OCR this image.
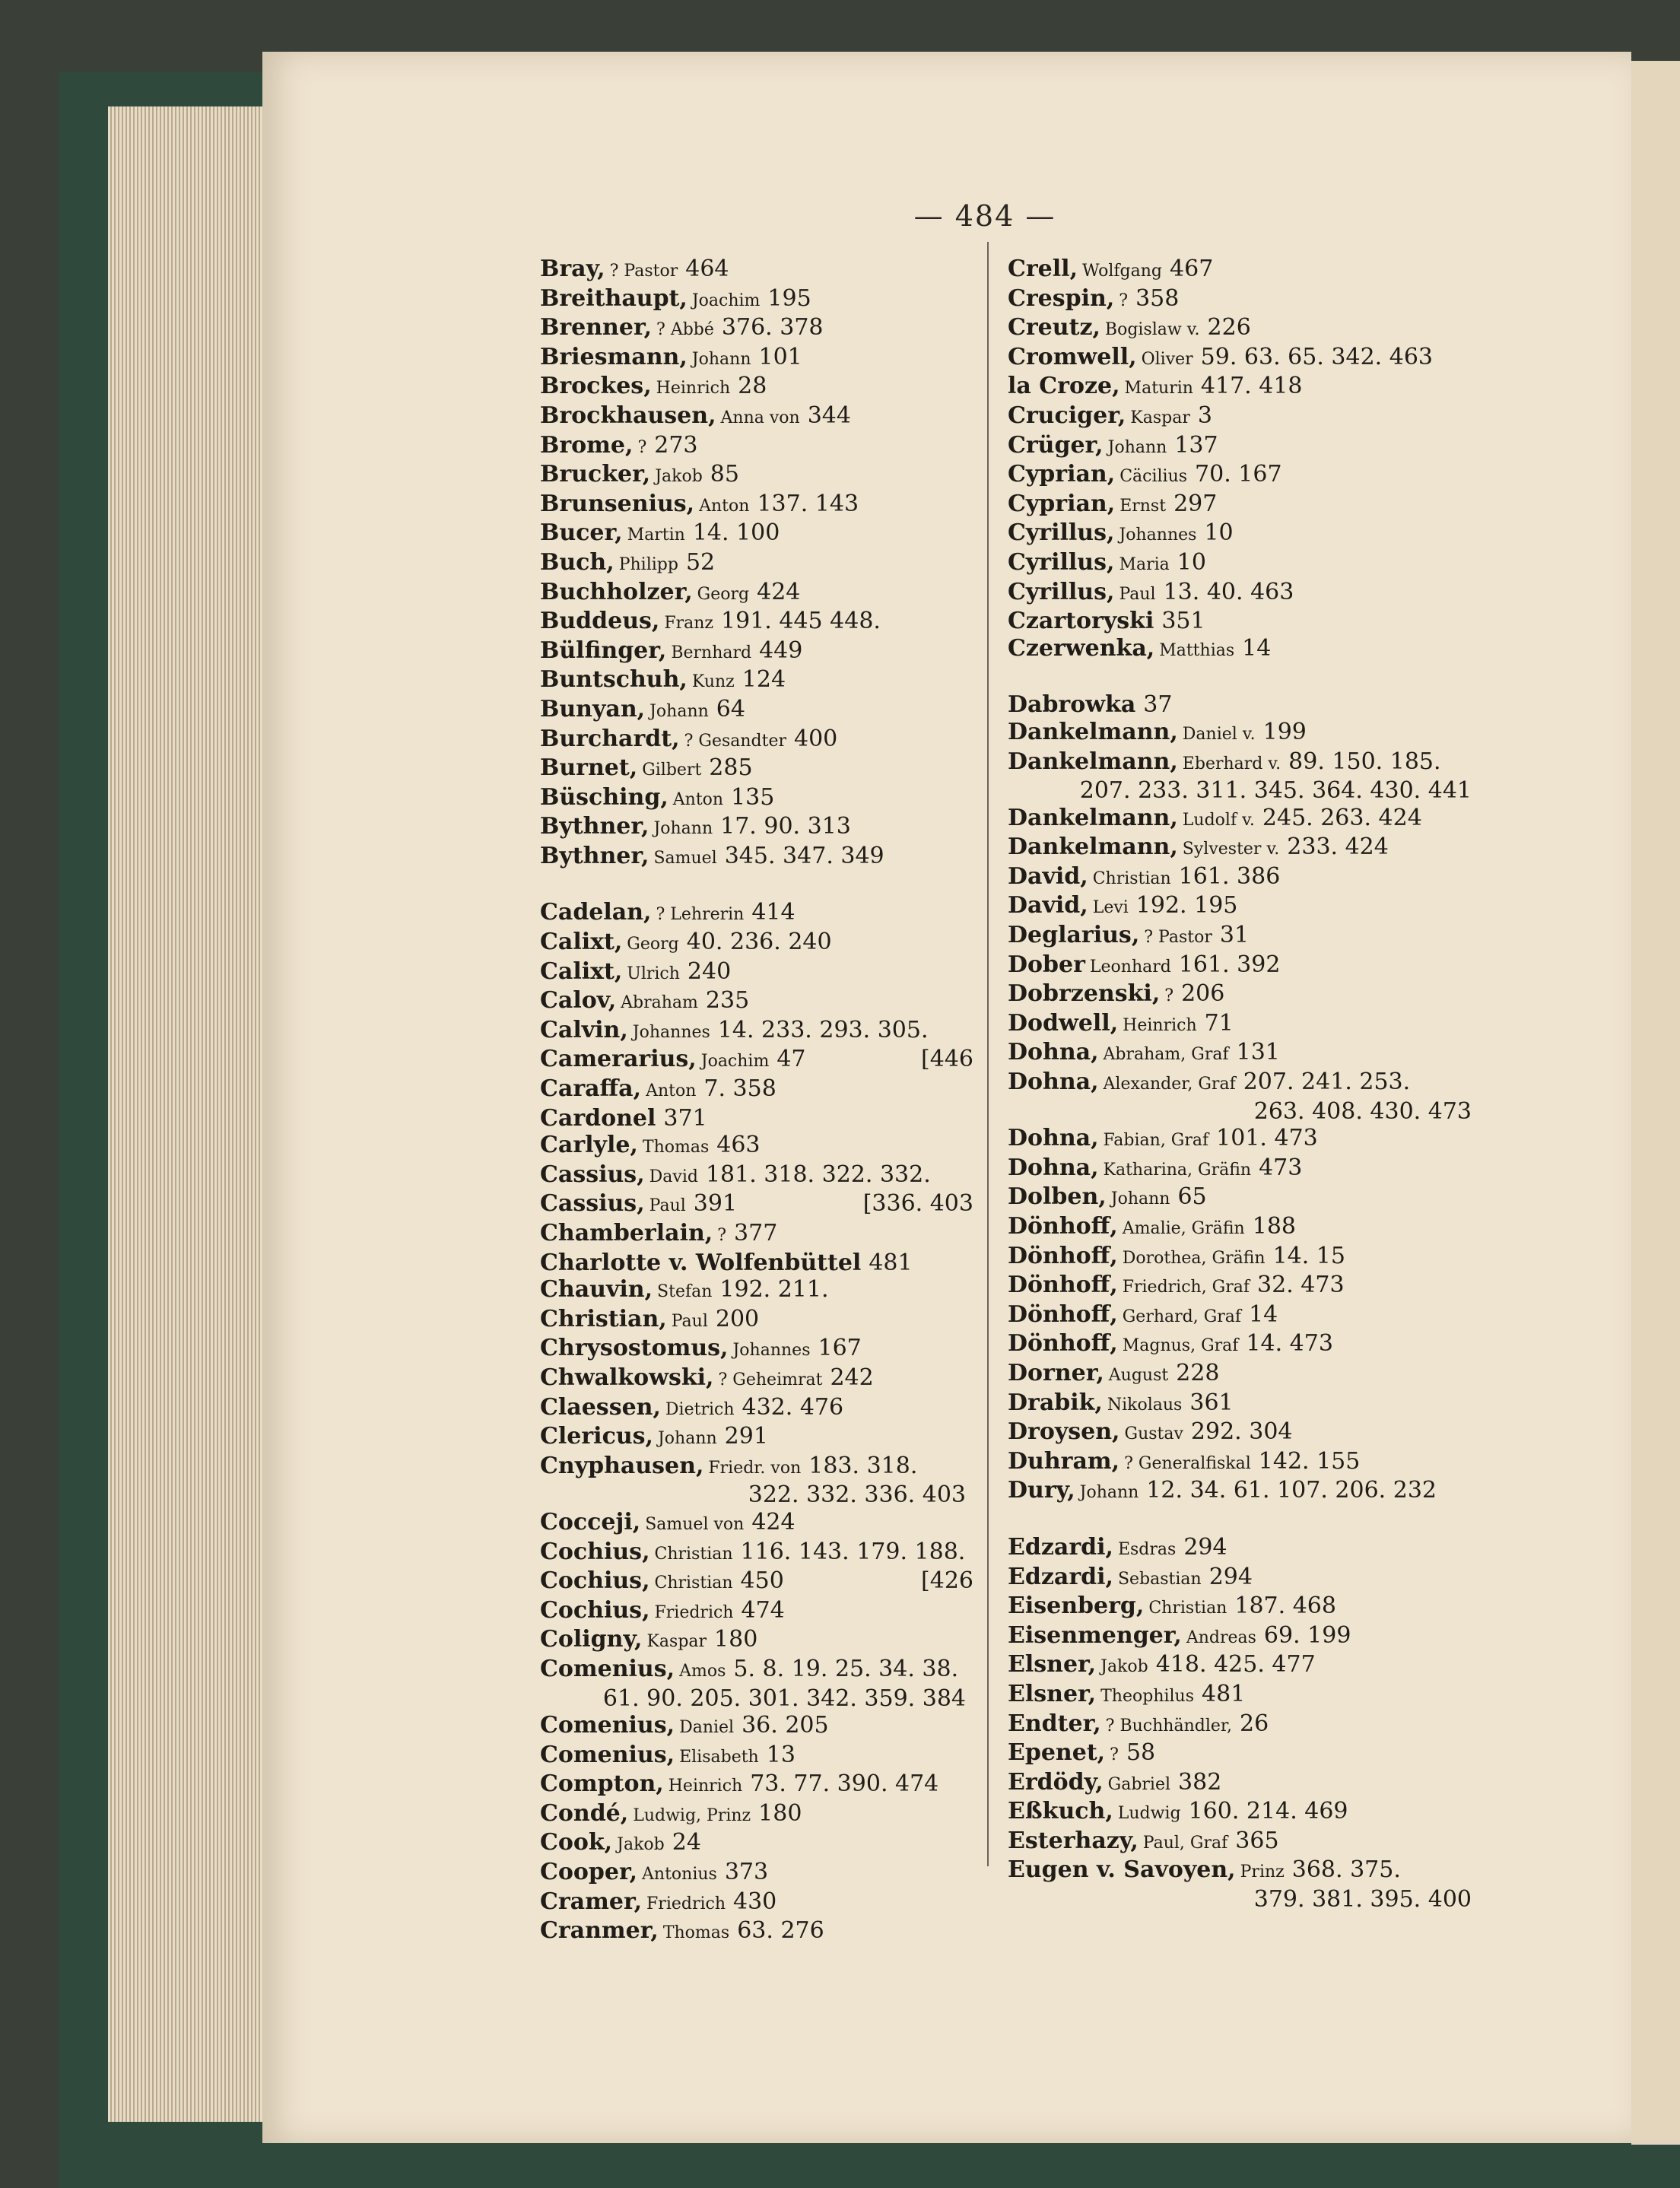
— 484 —
Bray, ? Pastor 464
Breithaupt, Joachim 195
Brenner, ? Abbé 376. 378
Briesmann, Johann 101
Brockes, Heinrich 28
Brockhausen, Anna von 344
Brome, ? 273
Brucker, Jakob 85
Brunsenius, Anton 137. 143
Bucer, Martin 14. 100
Buch, Philipp 52
Buchholzer, Georg 424
Buddeus, Franz 191. 445 448.
Bülfinger, Bernhard 449
Buntschuh, Kunz 124
Bunyan, Johann 64
Burchardt, ? Gesandter 400
Burnet, Gilbert 285
Büsching, Anton 135
Bythner, Johann 17. 90. 313
Bythner, Samuel 345. 347. 349
Cadelan, ? Lehrerin 414
Calixt, Georg 40. 236. 240
Calixt, Ulrich 240
Calov, Abraham 235
Calvin, Johannes 14. 233. 293. 305.
Camerarius, Joachim 47	[446
Caraffa, Anton 7. 358
Cardonel 371
Carlyle, Thomas 463
Cassius, David 181. 318. 322. 332.
Cassius, Paul 391	[336. 403
Chamberlain, ? 377
Charlotte v. Wolfenbüttel 481
Chauvin, Stefan 192. 211.
Christian, Paul 200
Chrysostomus, Johannes 167
Chwalkowski, ? Geheimrat 242
Claessen, Dietrich 432. 476
Clericus, Johann 291
Cnyphausen, Friedr. von 183. 318.
322. 332. 336. 403
Cocceji, Samuel von 424
Cochius, Christian 116. 143. 179. 188.
Cochius, Christian 450	[426
Cochius, Friedrich 474
Coligny, Kaspar 180
Comenius, Amos 5. 8. 19. 25. 34. 38.
61. 90. 205. 301. 342. 359. 384
Comenius, Daniel 36. 205
Comenius, Elisabeth 13
Compton, Heinrich 73. 77. 390. 474
Condé, Ludwig, Prinz 180
Cook, Jakob 24
Cooper, Antonius 373
Cramer, Friedrich 430
Cranmer, Thomas 63. 276
Crell, Wolfgang 467
Crespin, ? 358
Creutz, Bogislaw v. 226
Cromwell, Oliver 59. 63. 65. 342. 463
la Croze, Maturin 417. 418
Cruciger, Kaspar 3
Crüger, Johann 137
Cyprian, Cäcilius 70. 167
Cyprian, Ernst 297
Cyrillus, Johannes 10
Cyrillus, Maria 10
Cyrillus, Paul 13. 40. 463
Czartoryski 351
Czerwenka, Matthias 14
Dabrowka 37
Dankelmann, Daniel v. 199
Dankelmann, Eberhard v. 89. 150. 185.
207. 233. 311. 345. 364. 430. 441
Dankelmann, Ludolf v. 245. 263. 424
Dankelmann, Sylvester v. 233. 424
David, Christian 161. 386
David, Levi 192. 195
Deglarius, ? Pastor 31
Dober Leonhard 161. 392
Dobrzenski, ? 206
Dodwell, Heinrich 71
Dohna, Abraham, Graf 131
Dohna, Alexander, Graf 207. 241. 253.
263. 408. 430. 473
Dohna, Fabian, Graf 101. 473
Dohna, Katharina, Gräfin 473
Dolben, Johann 65
Dönhoff, Amalie, Gräfin 188
Dönhoff, Dorothea, Gräfin 14. 15
Dönhoff, Friedrich, Graf 32. 473
Dönhoff, Gerhard, Graf 14
Dönhoff, Magnus, Graf 14. 473
Dorner, August 228
Drabik, Nikolaus 361
Droysen, Gustav 292. 304
Duhram, ? Generalfiskal 142. 155
Dury, Johann 12. 34. 61. 107. 206. 232
Edzardi, Esdras 294
Edzardi, Sebastian 294
Eisenberg, Christian 187. 468
Eisenmenger, Andreas 69. 199
Elsner, Jakob 418. 425. 477
Elsner, Theophilus 481
Endter, ? Buchhändler, 26
Epenet, ? 58
Erdödy, Gabriel 382
Eßkuch, Ludwig 160. 214. 469
Esterhazy, Paul, Graf 365
Eugen v. Savoyen, Prinz 368. 375.
379. 381. 395. 400
